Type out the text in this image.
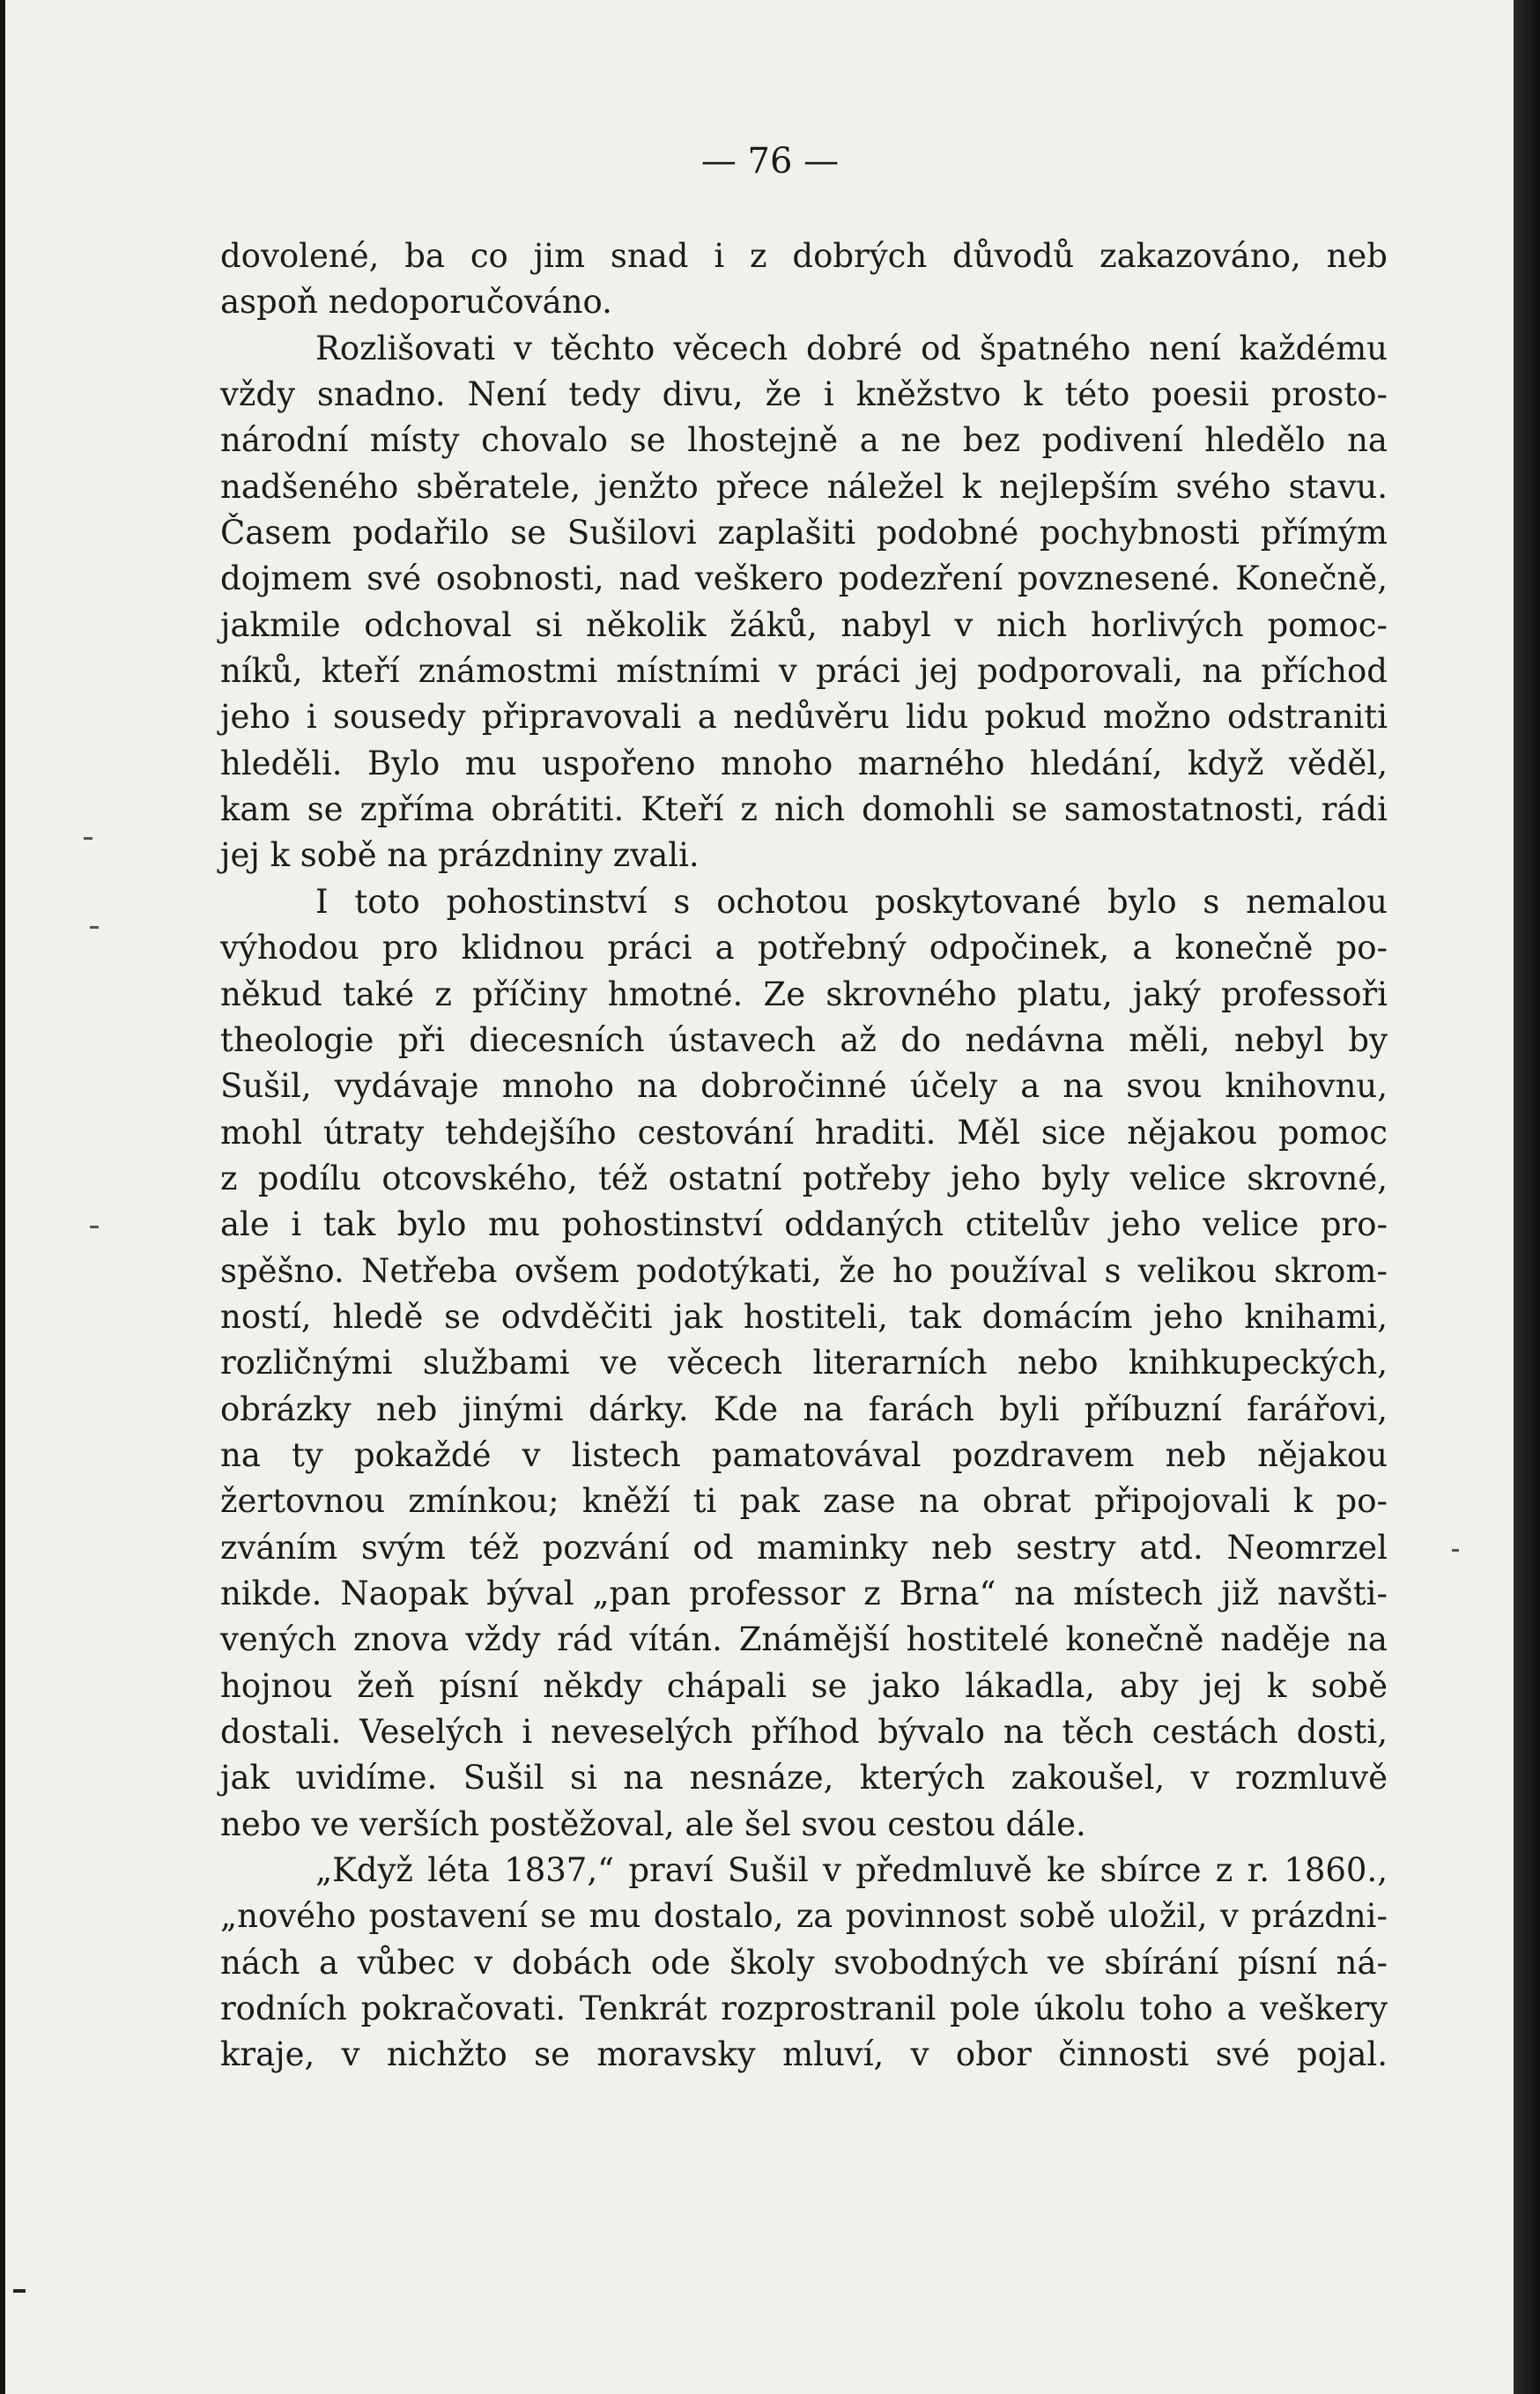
— 76 —
dovolené, ba co jim snad i z dobrých důvodů zakazováno, neb
aspoň nedoporučováno.
Rozlišovati v těchto věcech dobré od špatného není každému
vždy snadno. Není tedy divu, že i kněžstvo k této poesii prosto-
národní místy chovalo se lhostejně a ne bez podivení hledělo na
nadšeného sběratele, jenžto přece náležel k nejlepším svého stavu.
Časem podařilo se Sušilovi zaplašiti podobné pochybnosti přímým
dojmem své osobnosti, nad veškero podezření povznesené. Konečně,
jakmile odchoval si několik žáků, nabyl v nich horlivých pomoc-
níků, kteří známostmi místními v práci jej podporovali, na příchod
jeho i sousedy připravovali a nedůvěru lidu pokud možno odstraniti
hleděli. Bylo mu uspořeno mnoho marného hledání, když věděl,
kam se zpříma obrátiti. Kteří z nich domohli se samostatnosti, rádi
jej k sobě na prázdniny zvali.
I toto pohostinství s ochotou poskytované bylo s nemalou
výhodou pro klidnou práci a potřebný odpočinek, a konečně po-
někud také z příčiny hmotné. Ze skrovného platu, jaký professoři
theologie při diecesních ústavech až do nedávna měli, nebyl by
Sušil, vydávaje mnoho na dobročinné účely a na svou knihovnu,
mohl útraty tehdejšího cestování hraditi. Měl sice nějakou pomoc
z podílu otcovského, též ostatní potřeby jeho byly velice skrovné,
ale i tak bylo mu pohostinství oddaných ctitelův jeho velice pro-
spěšno. Netřeba ovšem podotýkati, že ho používal s velikou skrom-
ností, hledě se odvděčiti jak hostiteli, tak domácím jeho knihami,
rozličnými službami ve věcech literarních nebo knihkupeckých,
obrázky neb jinými dárky. Kde na farách byli příbuzní farářovi,
na ty pokaždé v listech pamatovával pozdravem neb nějakou
žertovnou zmínkou; kněží ti pak zase na obrat připojovali k po-
zváním svým též pozvání od maminky neb sestry atd. Neomrzel
nikde. Naopak býval „pan professor z Brna“ na místech již navšti-
vených znova vždy rád vítán. Známější hostitelé konečně naděje na
hojnou žeň písní někdy chápali se jako lákadla, aby jej k sobě
dostali. Veselých i neveselých příhod bývalo na těch cestách dosti,
jak uvidíme. Sušil si na nesnáze, kterých zakoušel, v rozmluvě
nebo ve verších postěžoval, ale šel svou cestou dále.
„Když léta 1837,“ praví Sušil v předmluvě ke sbírce z r. 1860.,
„nového postavení se mu dostalo, za povinnost sobě uložil, v prázdni-
nách a vůbec v dobách ode školy svobodných ve sbírání písní ná-
rodních pokračovati. Tenkrát rozprostranil pole úkolu toho a veškery
kraje, v nichžto se moravsky mluví, v obor činnosti své pojal.
